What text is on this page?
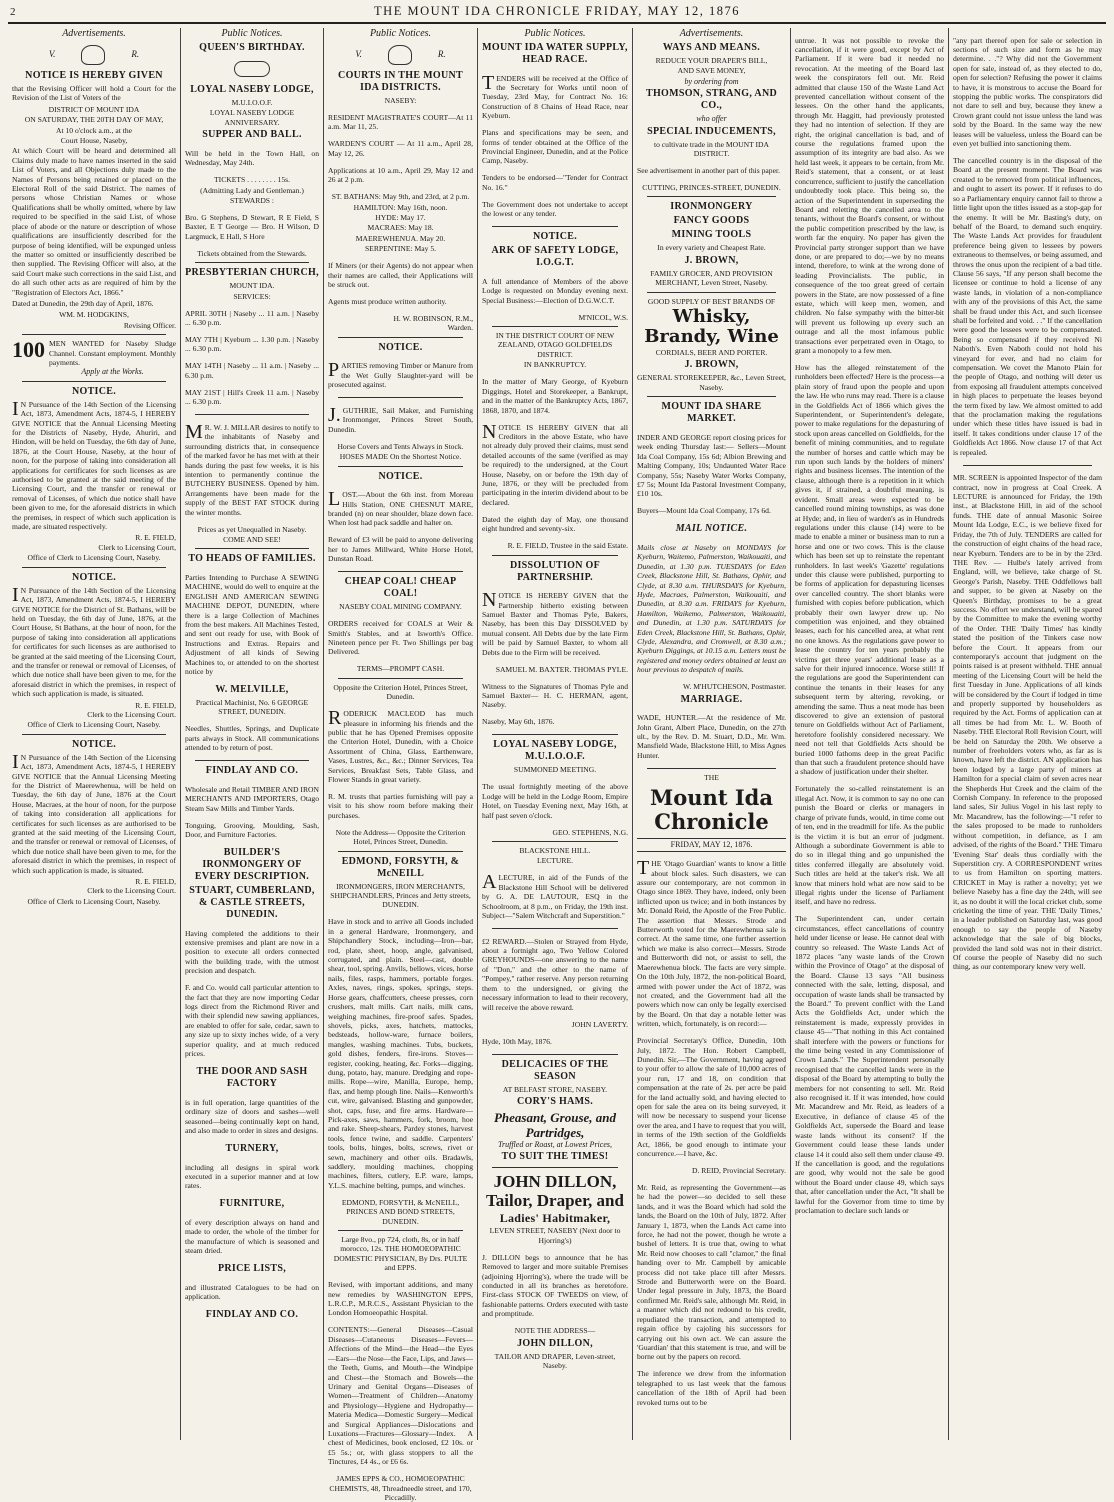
2	THE MOUNT IDA CHRONICLE FRIDAY, MAY 12, 1876
Advertisements.
V.	R.
NOTICE IS HEREBY GIVEN

that the Revising Officer will hold a Court for the Revision of the List of Voters of the

DISTRICT OF MOUNT IDA
ON SATURDAY, THE 20TH DAY OF MAY,
At 10 o'clock a.m., at the
Court House, Naseby,

At which Court will be heard and determined all Claims duly made to have names inserted in the said List of Voters, and all Objections duly made to the Names of Persons being retained or placed on the Electoral Roll of the said District. The names of persons whose Christian Names or whose Qualifications shall be wholly omitted, where by law required to be specified in the said List, of whose place of abode or the nature or description of whose qualifications are insufficiently described for the purpose of being identified, will be expunged unless the matter so omitted or insufficiently described be then supplied. The Revising Officer will also, at the said Court make such corrections in the said List, and do all such other acts as are required of him by the "Registration of Electors Act, 1866."

Dated at Dunedin, the 29th day of April, 1876.

WM. M. HODGKINS,
Revising Officer.
100 MEN WANTED for Naseby Sludge Channel. Constant employment. Monthly payments.

Apply at the Works.
NOTICE.

IN Pursuance of the 14th Section of the Licensing Act, 1873, Amendment Acts, 1874-5, I HEREBY GIVE NOTICE that the Annual Licensing Meeting for the Districts of Naseby, Hyde, Ahuriri, and Hindon, will be held on Tuesday, the 6th day of June, 1876, at the Court House, Naseby, at the hour of noon, for the purpose of taking into consideration all applications for certificates for such licenses as are authorised to be granted at the said meeting of the Licensing Court, and the transfer or renewal or removal of Licenses, of which due notice shall have been given to me, for the aforesaid districts in which the premises, in respect of which such application is made, are situated respectively.

R. E. FIELD,
Clerk to Licensing Court,
Office of Clerk to Licensing Court, Naseby.
NOTICE.

IN Pursuance of the 14th Section of the Licensing Act, 1873, Amendment Acts, 1874-5, I HEREBY GIVE NOTICE for the District of St. Bathans, will be held on Tuesday, the 6th day of June, 1876, at the Court House, St Bathans, at the hour of noon, for the purpose of taking into consideration all applications for certificates for such licenses as are authorised to be granted at the said meeting of the Licensing Court, and the transfer or renewal or removal of Licenses, of which due notice shall have been given to me, for the aforesaid district in which the premises, in respect of which such application is made, is situated.

R. E. FIELD,
Clerk to the Licensing Court.
Office of Clerk to Licensing Court, Naseby.
NOTICE.

IN Pursuance of the 14th Section of the Licensing Act, 1873, Amendment Acts, 1874-5, I HEREBY GIVE NOTICE that the Annual Licensing Meeting for the District of Maerewhenua, will be held on Tuesday, the 6th day of June, 1876 at the Court House, Macraes, at the hour of noon, for the purpose of taking into consideration all applications for certificates for such licenses as are authorised to be granted at the said meeting of the Licensing Court, and the transfer or renewal or removal of Licenses, of which due notice shall have been given to me, for the aforesaid district in which the premises, in respect of which such application is made, is situated.

R. E. FIELD,
Clerk to the Licensing Court.
Office of Clerk to Licensing Court, Naseby.
Public Notices.
QUEEN'S BIRTHDAY.
LOYAL NASEBY LODGE,
M.U.I.O.O.F.
LOYAL NASEBY LODGE ANNIVERSARY.
SUPPER AND BALL.

Will be held in the Town Hall, on Wednesday, May 24th.

TICKETS . . . . . . . . 15s.
(Admitting Lady and Gentleman.)
STEWARDS :

Bro. G Stephens, D Stewart, R E Field, S Baxter, E T George — Bro. H Wilson, D Largmuck, E Hall, S Hore

Tickets obtained from the Stewards.
PRESBYTERIAN CHURCH,
MOUNT IDA.
SERVICES:

APRIL 30TH | Naseby ... 11 a.m. | Naseby ... 6.30 p.m.

MAY 7TH | Kyeburn ... 1.30 p.m. | Naseby ... 6.30 p.m.

MAY 14TH | Naseby ... 11 a.m. | Naseby ... 6.30 p.m.

MAY 21ST | Hill's Creek 11 a.m. | Naseby ... 6.30 p.m.

MR. W. J. MILLAR desires to notify to the inhabitants of Naseby and surrounding districts that, in consequence of the marked favor he has met with at their hands during the past few weeks, it is his intention to permanently continue the BUTCHERY BUSINESS. Opened by him. Arrangements have been made for the supply of the BEST FAT STOCK during the winter months.

Prices as yet Unequalled in Naseby.
COME AND SEE!
TO HEADS OF FAMILIES.

Parties Intending to Purchase A SEWING MACHINE, would do well to enquire at the ENGLISH AND AMERICAN SEWING MACHINE DEPOT, DUNEDIN, where there is a large Collection of Machines from the best makers. All Machines Tested, and sent out ready for use, with Book of Instructions and Extras. Repairs and Adjustment of all kinds of Sewing Machines to, or attended to on the shortest notice by

W. MELVILLE,
Practical Machinist, No. 6 GEORGE STREET, DUNEDIN.

Needles, Shuttles, Springs, and Duplicate parts always in Stock. All communications attended to by return of post.

FINDLAY AND CO.

Wholesale and Retail TIMBER AND IRON MERCHANTS AND IMPORTERS, Otago Steam Saw Mills and Timber Yards.

Tonguing, Grooving, Moulding, Sash, Door, and Furniture Factories.

BUILDER'S IRONMONGERY OF EVERY DESCRIPTION.
STUART, CUMBERLAND, & CASTLE STREETS, DUNEDIN.

Having completed the additions to their extensive premises and plant are now in a position to execute all orders connected with the building trade, with the utmost precision and despatch.

F. and Co. would call particular attention to the fact that they are now importing Cedar logs direct from the Richmond River and with their splendid new sawing appliances, are enabled to offer for sale, cedar, sawn to any size up to sixty inches wide, of a very superior quality, and at much reduced prices.

THE DOOR AND SASH FACTORY

is in full operation, large quantities of the ordinary size of doors and sashes—well seasoned—being continually kept on hand, and also made to order in sizes and designs.

TURNERY,

including all designs in spiral work executed in a superior manner and at low rates.

FURNITURE,

of every description always on hand and made to order, the whole of the timber for the manufacture of which is seasoned and steam dried.

PRICE LISTS,

and illustrated Catalogues to be had on application.

FINDLAY AND CO.
Public Notices.
V.	R.
COURTS IN THE MOUNT IDA DISTRICTS.
NASEBY:

RESIDENT MAGISTRATE'S COURT—At 11 a.m. Mar 11, 25.

WARDEN'S COURT — At 11 a.m., April 28, May 12, 26.

Applications at 10 a.m., April 29, May 12 and 26 at 2 p.m.

ST. BATHANS: May 9th, and 23rd, at 2 p.m.
HAMILTON: May 16th, noon.
HYDE: May 17.
MACRAES: May 18.
MAEREWHENUA. May 20.
SERPENTINE: May 5.

If Miners (or their Agents) do not appear when their names are called, their Applications will be struck out.

Agents must produce written authority.

H. W. ROBINSON, R.M.,
Warden.
NOTICE.

PARTIES removing Timber or Manure from the Wet Gully Slaughter-yard will be prosecuted against.

J.GUTHRIE, Sail Maker, and Furnishing Ironmonger, Princes Street South, Dunedin.

Horse Covers and Tents Always in Stock.
HOSES MADE On the Shortest Notice.
NOTICE.

LOST.—About the 6th inst. from Moreau Hills Station, ONE CHESNUT MARE, branded (n) on near shoulder, blaze down face. When lost had pack saddle and halter on.

Reward of £3 will be paid to anyone delivering her to James Millward, White Horse Hotel, Dunstan Road.

CHEAP COAL! CHEAP COAL!
NASEBY COAL MINING COMPANY.

ORDERS received for COALS at Weir & Smith's Stables, and at Isworth's Office. Nineteen pence per Ft. Two Shillings per bag Delivered.

TERMS—PROMPT CASH.
Opposite the Criterion Hotel, Princes Street, Dunedin.

RODERICK MACLEOD has much pleasure in informing his friends and the public that he has Opened Premises opposite the Criterion Hotel, Dunedin, with a Choice Assortment of China, Glass, Earthenware, Vases, Lustres, &c., &c.; Dinner Services, Tea Services, Breakfast Sets, Table Glass, and Flower Stands in great variety.

R. M. trusts that parties furnishing will pay a visit to his show room before making their purchases.

Note the Address— Opposite the Criterion Hotel, Princes Street, Dunedin.
EDMOND, FORSYTH, & McNEILL
IRONMONGERS, IRON MERCHANTS, SHIPCHANDLERS, Princes and Jetty streets, DUNEDIN.

Have in stock and to arrive all Goods included in a general Hardware, Ironmongery, and Shipchandlery Stock, including—Iron—bar, rod, plate, sheet, hoop, angle, galvanised, corrugated, and plain. Steel—cast, double shear, tool, spring. Anvils, bellows, vices, horse nails, files, rasps, hammers, portable forges. Axles, naves, rings, spokes, springs, steps. Horse gears, chaffcutters, cheese presses, corn crushers, malt mills. Cart nails, milk cans, weighing machines, fire-proof safes. Spades, shovels, picks, axes, hatchets, mattocks, bedsteads, hollow-ware, furnace boilers, mangles, washing machines. Tubs, buckets, gold dishes, fenders, fire-irons. Stoves—register, cooking, heating, &c. Forks—digging, dung, potato, hay, manure. Dredging and rope-mills. Rope—wire, Manilla, Europe, hemp, flax, and hemp plough line. Nails—Kenworth's cut, wire, galvanised. Blasting and gunpowder, shot, caps, fuse, and fire arms. Hardware—Pick-axes, saws, hammers, fork, broom, hoe and rake. Sheep-shears, Pardey stones, harvest tools, fence twine, and saddle. Carpenters' tools, bolts, hinges, bolts, screws, rivet or sewn, machinery and other oils. Bradawls, saddlery, moulding machines, chopping machines, filters, cutlery, E.P. ware, lamps, Y.L.S. machine belting, pumps, and winches.

EDMOND, FORSYTH, & McNEILL, PRINCES AND BOND STREETS, DUNEDIN.
Large 8vo., pp 724, cloth, 8s, or in half morocco, 12s. THE HOMOEOPATHIC DOMESTIC PHYSICIAN, By Drs. PULTE and EPPS.

Revised, with important additions, and many new remedies by WASHINGTON EPPS, L.R.C.P., M.R.C.S., Assistant Physician to the London Homoeopathic Hospital.

CONTENTS:—General Diseases—Casual Diseases—Cutaneous Diseases—Fevers—Affections of the Mind—the Head—the Eyes—Ears—the Nose—the Face, Lips, and Jaws—the Teeth, Gums, and Mouth—the Windpipe and Chest—the Stomach and Bowels—the Urinary and Genital Organs—Diseases of Women—Treatment of Children—Anatomy and Physiology—Hygiene and Hydropathy—Materia Medica—Domestic Surgery—Medical and Surgical Appliances—Dislocations and Luxations—Fractures—Glossary—Index. A chest of Medicines, book enclosed, £2 10s. or £5 5s.; or, with glass stoppers to all the Tinctures, £4 4s., or £6 6s.

JAMES EPPS & CO., HOMOEOPATHIC CHEMISTS, 48, Threadneedle street, and 170, Piccadilly.
Public Notices.
MOUNT IDA WATER SUPPLY, HEAD RACE.

TENDERS will be received at the Office of the Secretary for Works until noon of Tuesday, 23rd May, for Contract No. 16: Construction of 8 Chains of Head Race, near Kyeburn.

Plans and specifications may be seen, and forms of tender obtained at the Office of the Provincial Engineer, Dunedin, and at the Police Camp, Naseby.

Tenders to be endorsed—"Tender for Contract No. 16."

The Government does not undertake to accept the lowest or any tender.

NOTICE.
ARK OF SAFETY LODGE, I.O.G.T.

A full attendance of Members of the above Lodge is requested on Monday evening next. Special Business:—Election of D.G.W.C.T.

M'NICOL, W.S.
IN THE DISTRICT COURT OF NEW ZEALAND, OTAGO GOLDFIELDS DISTRICT.
IN BANKRUPTCY.

In the matter of Mary George, of Kyeburn Diggings, Hotel and Storekeeper, a Bankrupt, and in the matter of the Bankruptcy Acts, 1867, 1868, 1870, and 1874.

NOTICE IS HEREBY GIVEN that all Creditors in the above Estate, who have not already duly proved their claims, must send detailed accounts of the same (verified as may be required) to the undersigned, at the Court House, Naseby, on or before the 19th day of June, 1876, or they will be precluded from participating in the interim dividend about to be declared.

Dated the eighth day of May, one thousand eight hundred and seventy-six.

R. E. FIELD, Trustee in the said Estate.
DISSOLUTION OF PARTNERSHIP.

NOTICE IS HEREBY GIVEN that the Partnership hitherto existing between Samuel Baxter and Thomas Pyle, Bakers, Naseby, has been this Day DISSOLVED by mutual consent. All Debts due by the late Firm will be paid by Samuel Baxter, to whom all Debts due to the Firm will be received.

SAMUEL M. BAXTER. THOMAS PYLE.

Witness to the Signatures of Thomas Pyle and Samuel Baxter— H. C. HERMAN, agent, Naseby.

Naseby, May 6th, 1876.

LOYAL NASEBY LODGE, M.U.I.O.O.F.
SUMMONED MEETING.

The usual fortnightly meeting of the above Lodge will be held in the Lodge Room, Empire Hotel, on Tuesday Evening next, May 16th, at half past seven o'clock.

GEO. STEPHENS, N.G.
BLACKSTONE HILL.
LECTURE.

ALECTURE, in aid of the Funds of the Blackstone Hill School will be delivered by G. A. DE LAUTOUR, ESQ in the Schoolroom, at 8 p.m., on Friday, the 19th inst. Subject—"Salem Witchcraft and Superstition."

£2 REWARD.—Stolen or Strayed from Hyde, about a fortnight ago, Two Yellow Colored GREYHOUNDS—one answering to the name of "Don," and the other to the name of "Pompey," rather reserve. Any person returning them to the undersigned, or giving the necessary information to lead to their recovery, will receive the above reward.

JOHN LAVERTY.

Hyde, 10th May, 1876.

DELICACIES OF THE SEASON
AT BELFAST STORE, NASEBY.
CORY'S HAMS.
Pheasant, Grouse, and Partridges,
Truffled or Roast, at Lowest Prices,
TO SUIT THE TIMES!
JOHN DILLON,
Tailor, Draper, and
Ladies' Habitmaker,
LEVEN STREET, NASEBY (Next door to Hjorring's)

J. DILLON begs to announce that he has Removed to larger and more suitable Premises (adjoining Hjorring's), where the trade will be conducted in all its branches as heretofore. First-class STOCK OF TWEEDS on view, of fashionable patterns. Orders executed with taste and promptitude.

NOTE THE ADDRESS—
JOHN DILLON,
TAILOR AND DRAPER, Leven-street, Naseby.
Advertisements.
WAYS AND MEANS.
REDUCE YOUR DRAPER'S BILL,
AND SAVE MONEY,
by ordering from
THOMSON, STRANG, AND CO.,
who offer
SPECIAL INDUCEMENTS,
to cultivate trade in the MOUNT IDA DISTRICT.

See advertisement in another part of this paper.

CUTTING, PRINCES-STREET, DUNEDIN.
IRONMONGERY
FANCY GOODS
MINING TOOLS
In every variety and Cheapest Rate.
J. BROWN,
FAMILY GROCER, AND PROVISION MERCHANT, Leven Street, Naseby.
GOOD SUPPLY OF BEST BRANDS OF
Whisky, Brandy, Wine
CORDIALS, BEER AND PORTER.
J. BROWN,
GENERAL STOREKEEPER, &c., Leven Street, Naseby.
MOUNT IDA SHARE MARKET.

INDER AND GEORGE report closing prices for week ending Thursday last:— Sellers—Mount Ida Coal Company, 15s 6d; Albion Brewing and Malting Company, 10s; Undaunted Water Race Company, 55s; Naseby Water Works Company, £7 5s; Mount Ida Pastoral Investment Company, £10 10s.

Buyers—Mount Ida Coal Company, 17s 6d.

MAIL NOTICE.

Mails close at Naseby on MONDAYS for Kyeburn, Waitemo, Palmerston, Waikouaiti, and Dunedin, at 1.30 p.m. TUESDAYS for Eden Creek, Blackstone Hill, St. Bathans, Ophir, and Clyde, at 8.30 a.m. THURSDAYS for Kyeburn, Hyde, Macraes, Palmerston, Waikouaiti, and Dunedin, at 8.30 a.m. FRIDAYS for Kyeburn, Hamilton, Waikemo, Palmerston, Waikouaiti, and Dunedin, at 1.30 p.m. SATURDAYS for Eden Creek, Blackstone Hill, St. Bathans, Ophir, Clyde, Alexandra, and Cromwell, at 8.30 a.m.; Kyeburn Diggings, at 10.15 a.m. Letters must be registered and money orders obtained at least an hour previous to despatch of mails.

W. M'HUTCHESON, Postmaster.
MARRIAGE.

WADE, HUNTER.—At the residence of Mr. John Grant, Albert Place, Dunedin, on the 27th ult., by the Rev. D. M. Stuart, D.D., Mr. Wm. Mansfield Wade, Blackstone Hill, to Miss Agnes Hunter.

THE
Mount Ida Chronicle
FRIDAY, MAY 12, 1876.

THE 'Otago Guardian' wants to know a little about block sales. Such disasters, we can assure our contemporary, are not common in Otago since 1869. They have, indeed, only been inflicted upon us twice; and in both instances by Mr. Donald Reid, the Apostle of the Free Public. The assertion that Messrs. Strode and Butterworth voted for the Maerewhenua sale is correct. At the same time, one further assertion which we make is also correct—Messrs. Strode and Butterworth did not, or assist to sell, the Maerewhenua block. The facts are very simple. On the 10th July, 1872, the non-political Board, armed with power under the Act of 1872, was not created, and the Government had all the powers which now can only be legally exercised by the Board. On that day a notable letter was written, which, fortunately, is on record:—

Provincial Secretary's Office, Dunedin, 10th July, 1872. The Hon. Robert Campbell, Dunedin. Sir,—The Government, having agreed to your offer to allow the sale of 10,000 acres of your run, 17 and 18, on condition that compensation at the rate of 2s. per acre be paid for the land actually sold, and having elected to open for sale the area on its being surveyed, it will now be necessary to suspend your license over the area, and I have to request that you will, in terms of the 19th section of the Goldfields Act, 1866, be good enough to intimate your concurrence.—I have, &c.

D. REID, Provincial Secretary.

Mr. Reid, as representing the Government—as he had the power—so decided to sell these lands, and it was the Board which had sold the lands, the Board on the 10th of July, 1872. After January 1, 1873, when the Lands Act came into force, he had not the power, though he wrote a bushel of letters. It is true that, owing to what Mr. Reid now chooses to call "clamor," the final handing over to Mr. Campbell by amicable process did not take place till after Messrs. Strode and Butterworth were on the Board. Under legal pressure in July, 1873, the Board confirmed Mr. Reid's sale, although Mr. Reid, in a manner which did not redound to his credit, repudiated the transaction, and attempted to regain office by cajoling his successors for carrying out his own act. We can assure the 'Guardian' that this statement is true, and will be borne out by the papers on record.

The inference we drew from the information telegraphed to us last week that the famous cancellation of the 18th of April had been revoked turns out to be

untrue. It was not possible to revoke the cancellation, if it were good, except by Act of Parliament. If it were bad it needed no revocation. At the meeting of the Board last week the conspirators fell out. Mr. Reid admitted that clause 150 of the Waste Land Act prevented cancellation without consent of the lessees. On the other hand the applicants, through Mr. Haggitt, had previously protested they had no intention of selection. If they are right, the original cancellation is bad, and of course the regulations framed upon the assumption of its integrity are bad also. As we held last week, it appears to be certain, from Mr. Reid's statement, that a consent, or at least concurrence, sufficient to justify the cancellation undoubtedly took place. This being so, the action of the Superintendent in superseding the Board and reletting the cancelled area to the tenants, without the Board's consent, or without the public competition prescribed by the law, is worth far the enquiry. No paper has given the Provincial party stronger support than we have done, or are prepared to do;—we by no means intend, therefore, to wink at the wrong done of leading Provincialists. The public, in consequence of the too great greed of certain powers in the State, are now possessed of a fine estate, which will keep men, women, and children. No false sympathy with the bitter-bit will prevent us following up every such an outrage and all the most infamous public transactions ever perpetrated even in Otago, to grant a monopoly to a few men.

How has the alleged reinstatement of the runholders been effected? Here is the process—a plain story of fraud upon the people and upon the law. He who runs may read. There is a clause in the Goldfields Act of 1866 which gives the Superintendent, or Superintendent's delegate, power to make regulations for the depasturing of stock upon areas cancelled on Goldfields, for the benefit of mining communities, and to regulate the number of horses and cattle which may be run upon such lands by the holders of miners' rights and business licenses. The intention of the clause, although there is a repetition in it which gives it, if strained, a doubtful meaning, is evident. Small areas were expected to be cancelled round mining townships, as was done at Hyde; and, in lieu of warden's as in Hundreds regulations under this clause (14) were to be made to enable a miner or business man to run a horse and one or two cows. This is the clause which has been set up to reinstate the repentant runholders. In last week's 'Gazette' regulations under this clause were published, purporting to be forms of application for depasturing licenses over cancelled country. The short blanks were furnished with copies before publication, which probably their own lawyer drew up. No competition was enjoined, and they obtained leases, each for his cancelled area, at what rent no one knows. As the regulations gave power to lease the country for ten years probably the victims get three years' additional lease as a salve for their injured innocence. Worse still! If the regulations are good the Superintendent can continue the tenants in their leases for any subsequent term by altering, revoking, or amending the same. Thus a neat mode has been discovered to give an extension of pastoral tenure on Goldfields without Act of Parliament, heretofore foolishly considered necessary. We need not tell that Goldfields Acts should be buried 1000 fathoms deep in the great Pacific than that such a fraudulent pretence should have a shadow of justification under their shelter.

Fortunately the so-called reinstatement is an illegal Act. Now, it is common to say no one can punish the Board or clerks or managers in charge of private funds, would, in time come out of ten, end in the treadmill for life. As the public is the victim it is but an error of judgment. Although a subordinate Government is able to do so in illegal thing and go unpunished the titles conferred illegally are absolutely void. Such titles are held at the taker's risk. We all know that miners hold what are now said to be illegal rights under the license of Parliament itself, and have no redress.

The Superintendent can, under certain circumstances, effect cancellations of country held under license or lease. He cannot deal with country so released. The Waste Lands Act of 1872 places "any waste lands of the Crown within the Province of Otago" at the disposal of the Board. Clause 13 says "All business connected with the sale, letting, disposal, and occupation of waste lands shall be transacted by the Board." To prevent conflict with the Land Acts the Goldfields Act, under which the reinstatement is made, expressly provides in clause 45—"That nothing in this Act contained shall interfere with the powers or functions for the time being vested in any Commissioner of Crown Lands." The Superintendent personally recognised that the cancelled lands were in the disposal of the Board by attempting to bully the members for not consenting to sell. Mr. Reid also recognised it. If it was intended, how could Mr. Macandrew and Mr. Reid, as leaders of a Executive, in defiance of clause 45 of the Goldfields Act, supersede the Board and lease waste lands without its consent? If the Government could lease these lands under clause 14 it could also sell them under clause 49. If the cancellation is good, and the regulations are good, why would not the sale be good without the Board under clause 49, which says that, after cancellation under the Act, "It shall be lawful for the Governor from time to time by proclamation to declare such lands or

"any part thereof open for sale or selection in sections of such size and form as he may determine. . ."? Why did not the Government open for sale, instead of, as they elected to do, open for selection? Refusing the power it claims to have, it is monstrous to accuse the Board for stopping the public works. The conspirators did not dare to sell and buy, because they knew a Crown grant could not issue unless the land was sold by the Board. In the same way the new leases will be valueless, unless the Board can be even yet bullied into sanctioning them.

The cancelled country is in the disposal of the Board at the present moment. The Board was created to be removed from political influences, and ought to assert its power. If it refuses to do so a Parliamentary enquiry cannot fail to throw a little light upon the titles issued as a stop-gap for the enemy. It will be Mr. Basting's duty, on behalf of the Board, to demand such enquiry. The Waste Lands Act provides for fraudulent preference being given to lessees by powers extraneous to themselves, or being assumed, and throws the onus upon the recipient of a bad title. Clause 56 says, "If any person shall become the licensee or continue to hold a license of any waste lands, in violation of a non-compliance with any of the provisions of this Act, the same shall be fraud under this Act, and such licensee shall be forfeited and void. . ." If the cancellation were good the lessees were to be compensated. Being so compensated if they received Ni Naboth's. Even Naboth could not hold his vineyard for ever, and had no claim for compensation. We covet the Manoto Plain for the people of Otago, and nothing will deter us from exposing all fraudulent attempts conceived in high places to perpetuate the leases beyond the term fixed by law. We almost omitted to add that the proclamation making the regulations under which these titles have issued is bad in itself. It takes conditions under clause 17 of the Goldfields Act 1866. Now clause 17 of that Act is repealed.

MR. SCREEN is appointed Inspector of the dam contract, now in progress at Coal Creek. A LECTURE is announced for Friday, the 19th inst., at Blackstone Hill, in aid of the school funds. THE date of annual Masonic Soiree Mount Ida Lodge, E.C., is we believe fixed for Friday, the 7th of July. TENDERS are called for the construction of eight chains of the head race, near Kyeburn. Tenders are to be in by the 23rd. THE Rev. — Hulbe's lately arrived from England, will, we believe, take charge of St. George's Parish, Naseby. THE Oddfellows ball and supper, to be given at Naseby on the Queen's Birthday, promises to be a great success. No effort we understand, will be spared by the Committee to make the evening worthy of the Order. THE 'Daily Times' has kindly stated the position of the Tinkers case now before the Court. It appears from our contemporary's account that judgment on the points raised is at present withheld. THE annual meeting of the Licensing Court will be held the first Tuesday in June. Applications of all kinds will be considered by the Court if lodged in time and properly supported by householders as required by the Act. Forms of application can at all times be had from Mr. L. W. Booth of Naseby. THE Electoral Roll Revision Court, will be held on Saturday the 20th. We observe a number of freeholders voters who, as far as is known, have left the district. AN application has been lodged by a large party of miners at Hamilton for a special claim of seven acres near the Shepherds Hut Creek and the claim of the Cornish Company. In reference to the proposed land sales, Sir Julius Vogel in his last reply to Mr. Macandrew, has the following:—"I refer to the sales proposed to be made to runholders without competition, in defiance, as I am advised, of the rights of the Board." THE Timaru 'Evening Star' deals thus cordially with the Superstition cry. A CORRESPONDENT writes to us from Hamilton on sporting matters. CRICKET in May is rather a novelty; yet we believe Naseby has a fine day the 24th, will see it, as no doubt it will the local cricket club, some cricketing the time of year. THE 'Daily Times,' in a leader published on Saturday last, was good enough to say the people of Naseby acknowledge that the sale of big blocks, provided the land sold was not in their district. Of course the people of Naseby did no such thing, as our contemporary knew very well.
